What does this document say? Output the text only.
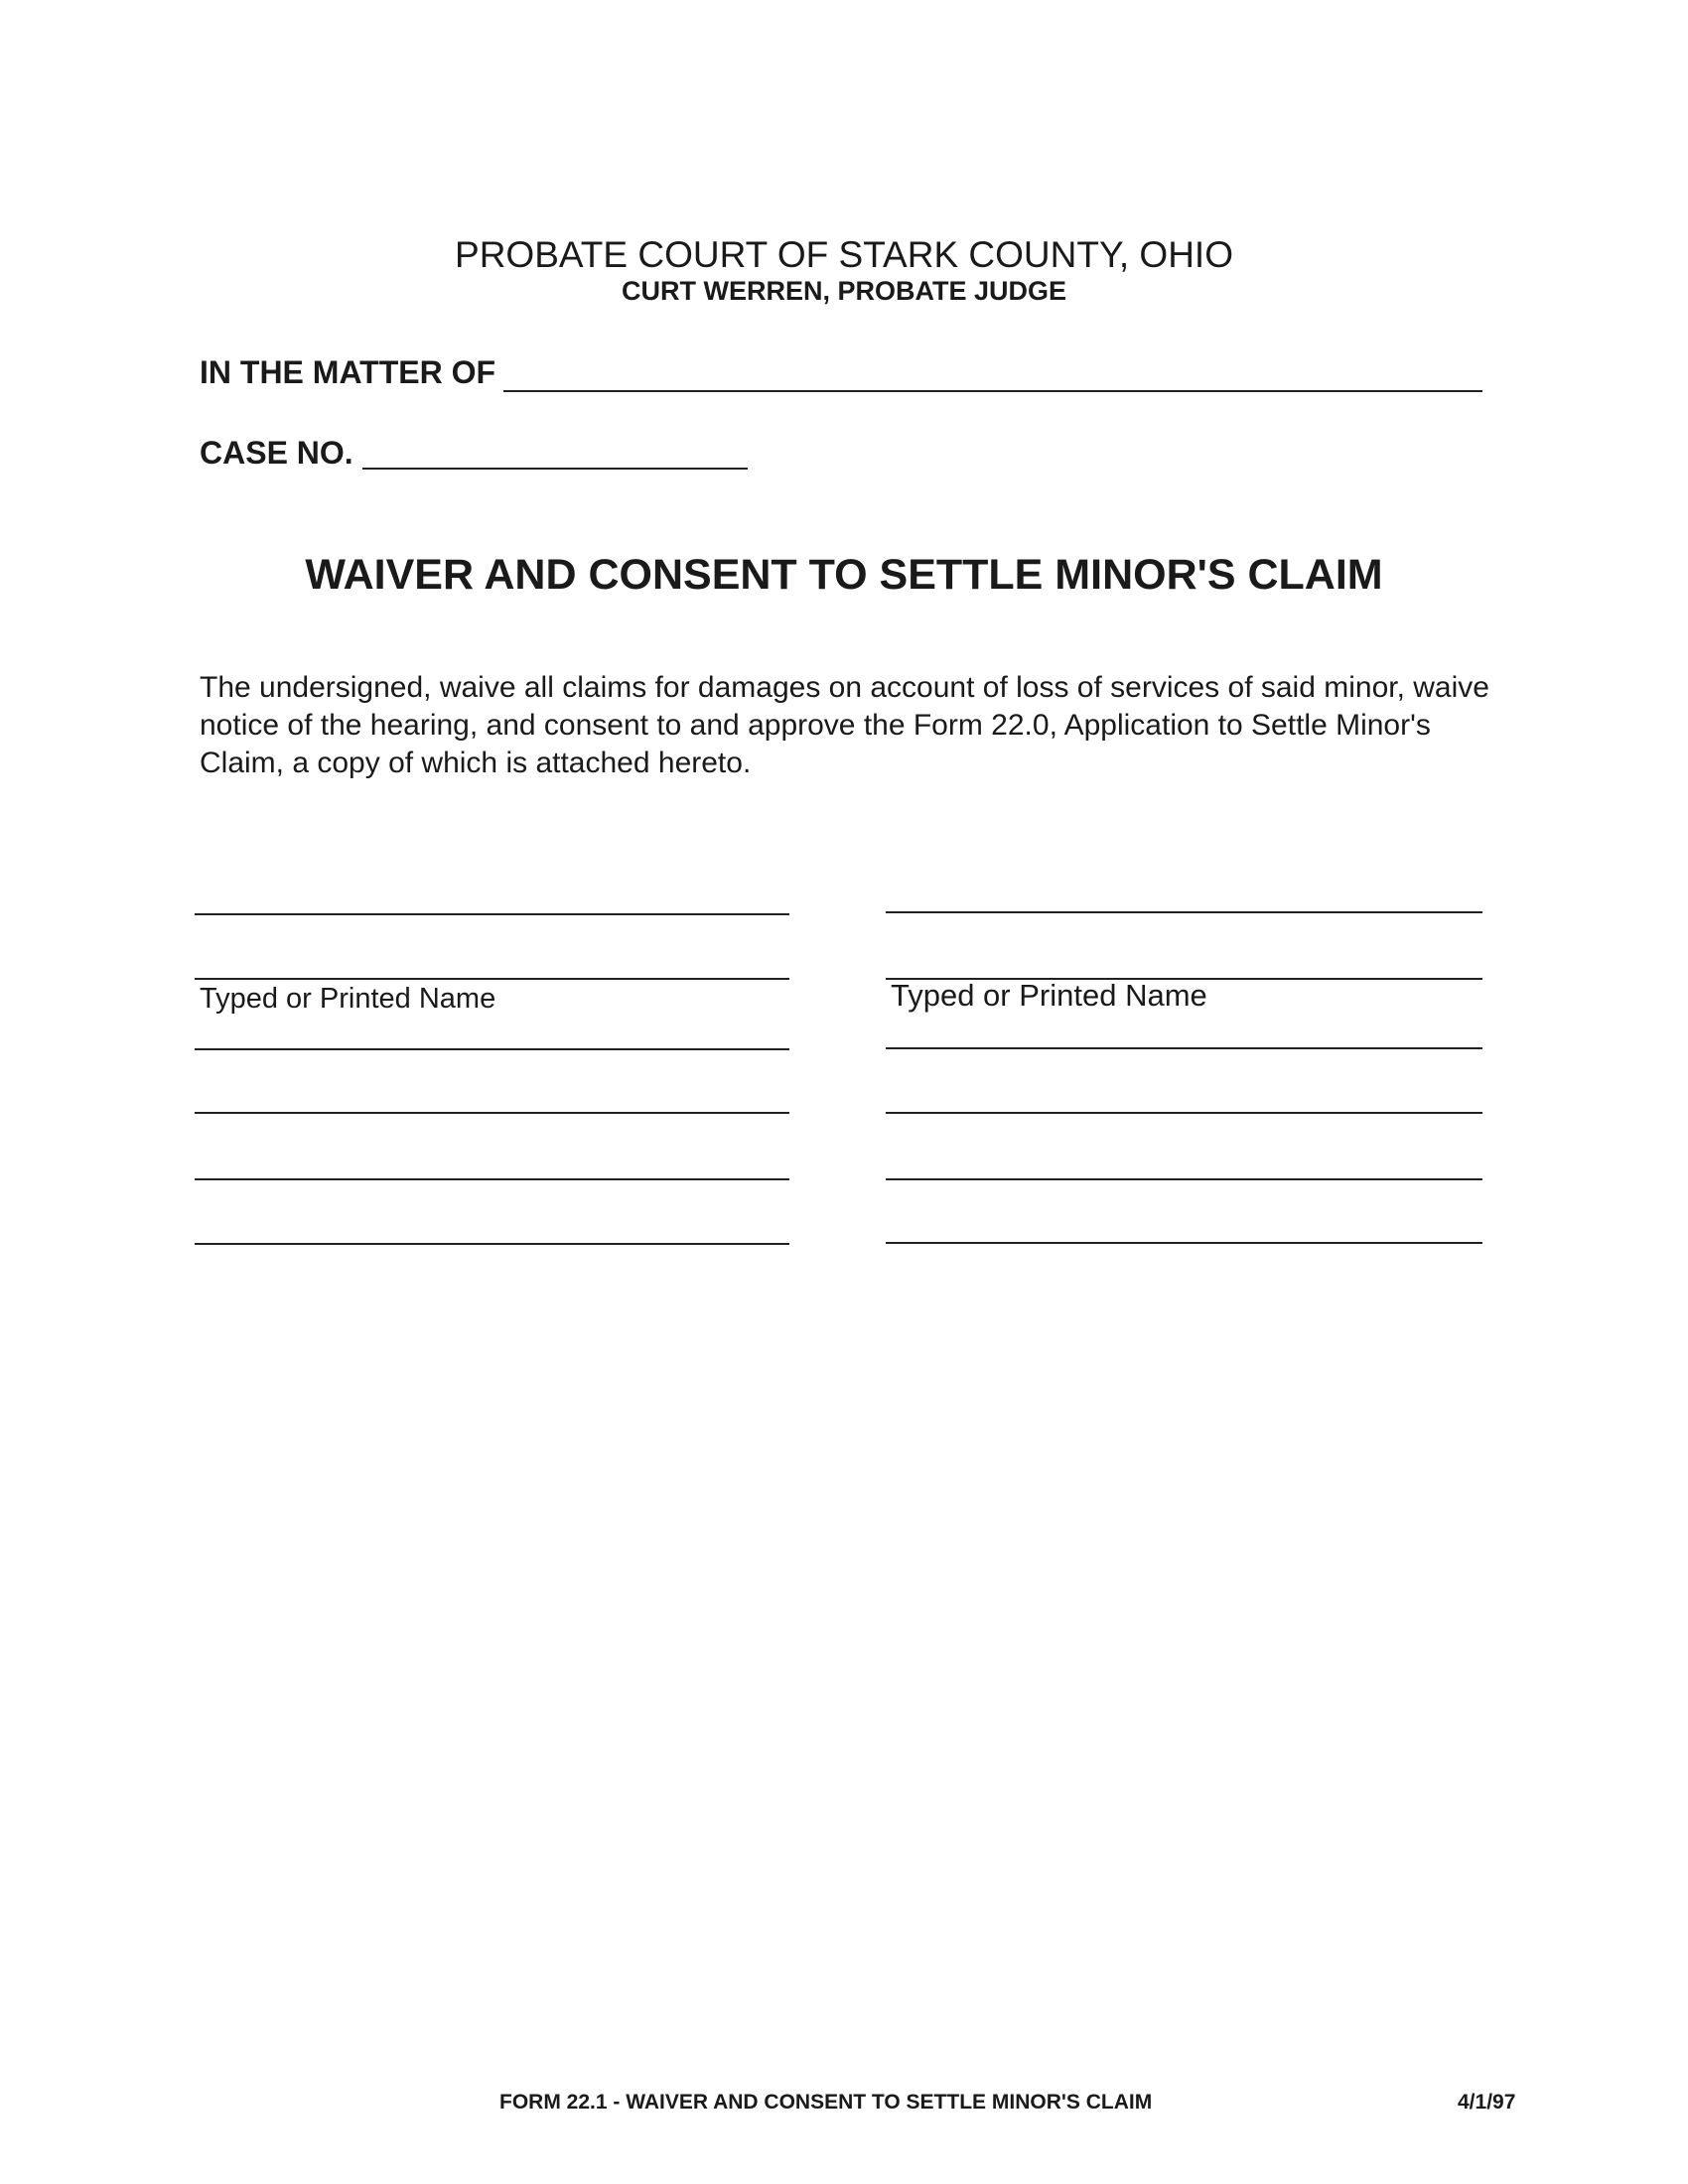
PROBATE COURT OF STARK COUNTY, OHIO
CURT WERREN, PROBATE JUDGE
IN THE MATTER OF
CASE NO.
WAIVER AND CONSENT TO SETTLE MINOR'S CLAIM
The undersigned, waive all claims for damages on account of loss of services of said minor, waive notice of the hearing, and consent to and approve the Form 22.0, Application to Settle Minor's Claim, a copy of which is attached hereto.
Typed or Printed Name	Typed or Printed Name
FORM 22.1 - WAIVER AND CONSENT TO SETTLE MINOR'S CLAIM	4/1/97
